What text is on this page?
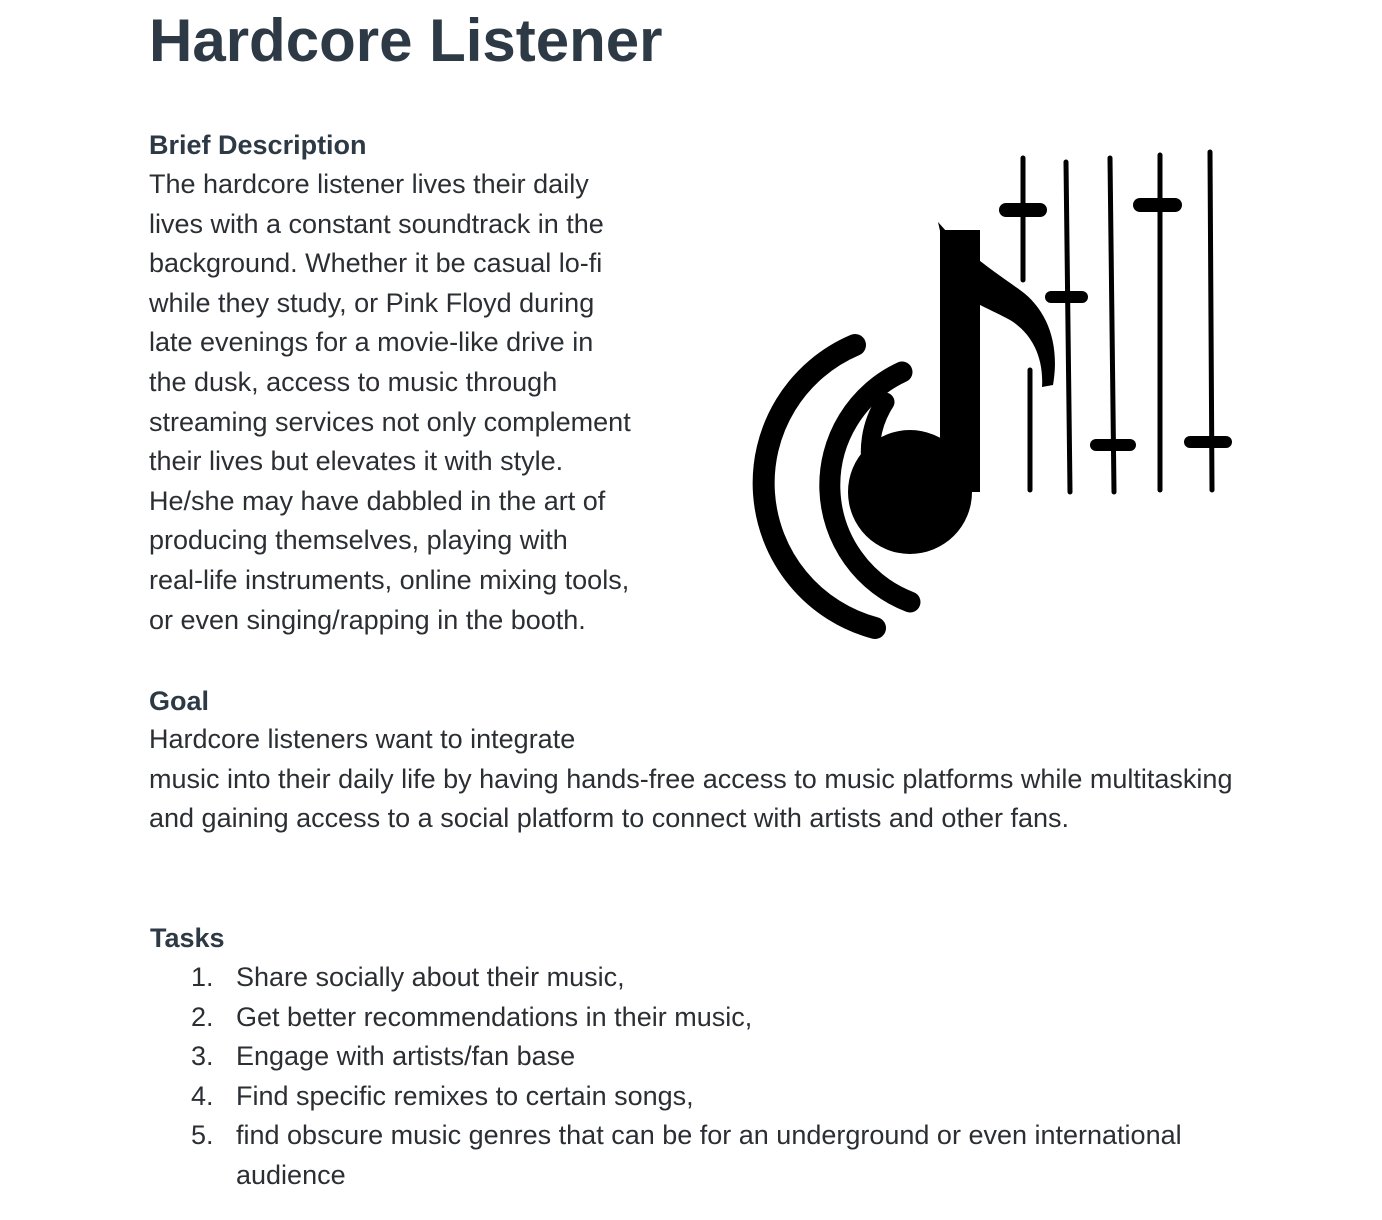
Hardcore Listener
Brief Description

The hardcore listener lives their daily
lives with a constant soundtrack in the
background. Whether it be casual lo-fi
while they study, or Pink Floyd during
late evenings for a movie-like drive in
the dusk, access to music through
streaming services not only complement
their lives but elevates it with style.
He/she may have dabbled in the art of
producing themselves, playing with
real-life instruments, online mixing tools,
or even singing/rapping in the booth.

Goal

Hardcore listeners want to integrate
music into their daily life by having hands-free access to music platforms while multitasking and gaining access to a social platform to connect with artists and other fans.

Tasks
1. Share socially about their music,
2. Get better recommendations in their music,
3. Engage with artists/fan base
4. Find specific remixes to certain songs,
5. find obscure music genres that can be for an underground or even international audience
